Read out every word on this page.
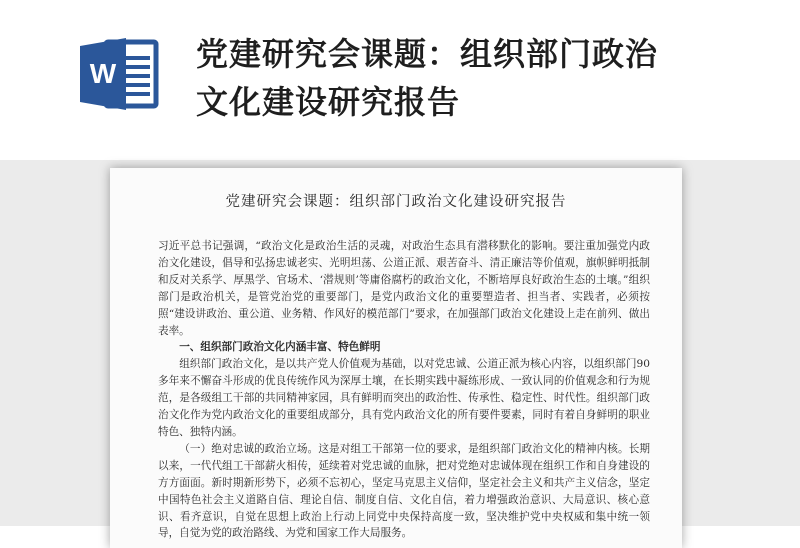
W
党建研究会课题：组织部门政治
文化建设研究报告
党建研究会课题：组织部门政治文化建设研究报告

习近平总书记强调，“政治文化是政治生活的灵魂，对政治生态具有潜移默化的影响。要注重加强党内政治文化建设，倡导和弘扬忠诚老实、光明坦荡、公道正派、艰苦奋斗、清正廉洁等价值观，旗帜鲜明抵制和反对关系学、厚黑学、官场术、‘潜规则’等庸俗腐朽的政治文化，不断培厚良好政治生态的土壤。”组织部门是政治机关，是管党治党的重要部门，是党内政治文化的重要塑造者、担当者、实践者，必须按照“建设讲政治、重公道、业务精、作风好的模范部门”要求，在加强部门政治文化建设上走在前列、做出表率。

一、组织部门政治文化内涵丰富、特色鲜明

组织部门政治文化，是以共产党人价值观为基础，以对党忠诚、公道正派为核心内容，以组织部门90多年来不懈奋斗形成的优良传统作风为深厚土壤，在长期实践中凝练形成、一致认同的价值观念和行为规范，是各级组工干部的共同精神家园，具有鲜明而突出的政治性、传承性、稳定性、时代性。组织部门政治文化作为党内政治文化的重要组成部分，具有党内政治文化的所有要件要素，同时有着自身鲜明的职业特色、独特内涵。

（一）绝对忠诚的政治立场。这是对组工干部第一位的要求，是组织部门政治文化的精神内核。长期以来，一代代组工干部薪火相传，延续着对党忠诚的血脉，把对党绝对忠诚体现在组织工作和自身建设的方方面面。新时期新形势下，必须不忘初心，坚定马克思主义信仰，坚定社会主义和共产主义信念，坚定中国特色社会主义道路自信、理论自信、制度自信、文化自信，着力增强政治意识、大局意识、核心意识、看齐意识，自觉在思想上政治上行动上同党中央保持高度一致，坚决维护党中央权威和集中统一领导，自觉为党的政治路线、为党和国家工作大局服务。
